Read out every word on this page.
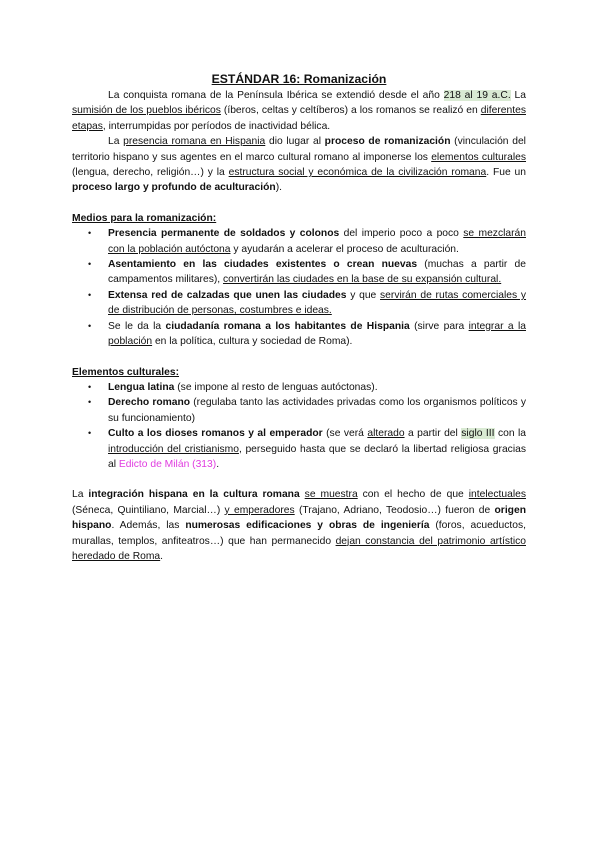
ESTÁNDAR 16: Romanización

La conquista romana de la Península Ibérica se extendió desde el año 218 al 19 a.C. La sumisión de los pueblos ibéricos (íberos, celtas y celtíberos) a los romanos se realizó en diferentes etapas, interrumpidas por períodos de inactividad bélica.

La presencia romana en Hispania dio lugar al proceso de romanización (vinculación del territorio hispano y sus agentes en el marco cultural romano al imponerse los elementos culturales (lengua, derecho, religión…) y la estructura social y económica de la civilización romana. Fue un proceso largo y profundo de aculturación).

Medios para la romanización:
• Presencia permanente de soldados y colonos del imperio poco a poco se mezclarán con la población autóctona y ayudarán a acelerar el proceso de aculturación.
• Asentamiento en las ciudades existentes o crean nuevas (muchas a partir de campamentos militares), convertirán las ciudades en la base de su expansión cultural.
• Extensa red de calzadas que unen las ciudades y que servirán de rutas comerciales y de distribución de personas, costumbres e ideas.
• Se le da la ciudadanía romana a los habitantes de Hispania (sirve para integrar a la población en la política, cultura y sociedad de Roma).
Elementos culturales:
• Lengua latina (se impone al resto de lenguas autóctonas).
• Derecho romano (regulaba tanto las actividades privadas como los organismos políticos y su funcionamiento)
• Culto a los dioses romanos y al emperador (se verá alterado a partir del siglo III con la introducción del cristianismo, perseguido hasta que se declaró la libertad religiosa gracias al Edicto de Milán (313).

La integración hispana en la cultura romana se muestra con el hecho de que intelectuales (Séneca, Quintiliano, Marcial…) y emperadores (Trajano, Adriano, Teodosio…) fueron de origen hispano. Además, las numerosas edificaciones y obras de ingeniería (foros, acueductos, murallas, templos, anfiteatros…) que han permanecido dejan constancia del patrimonio artístico heredado de Roma.
